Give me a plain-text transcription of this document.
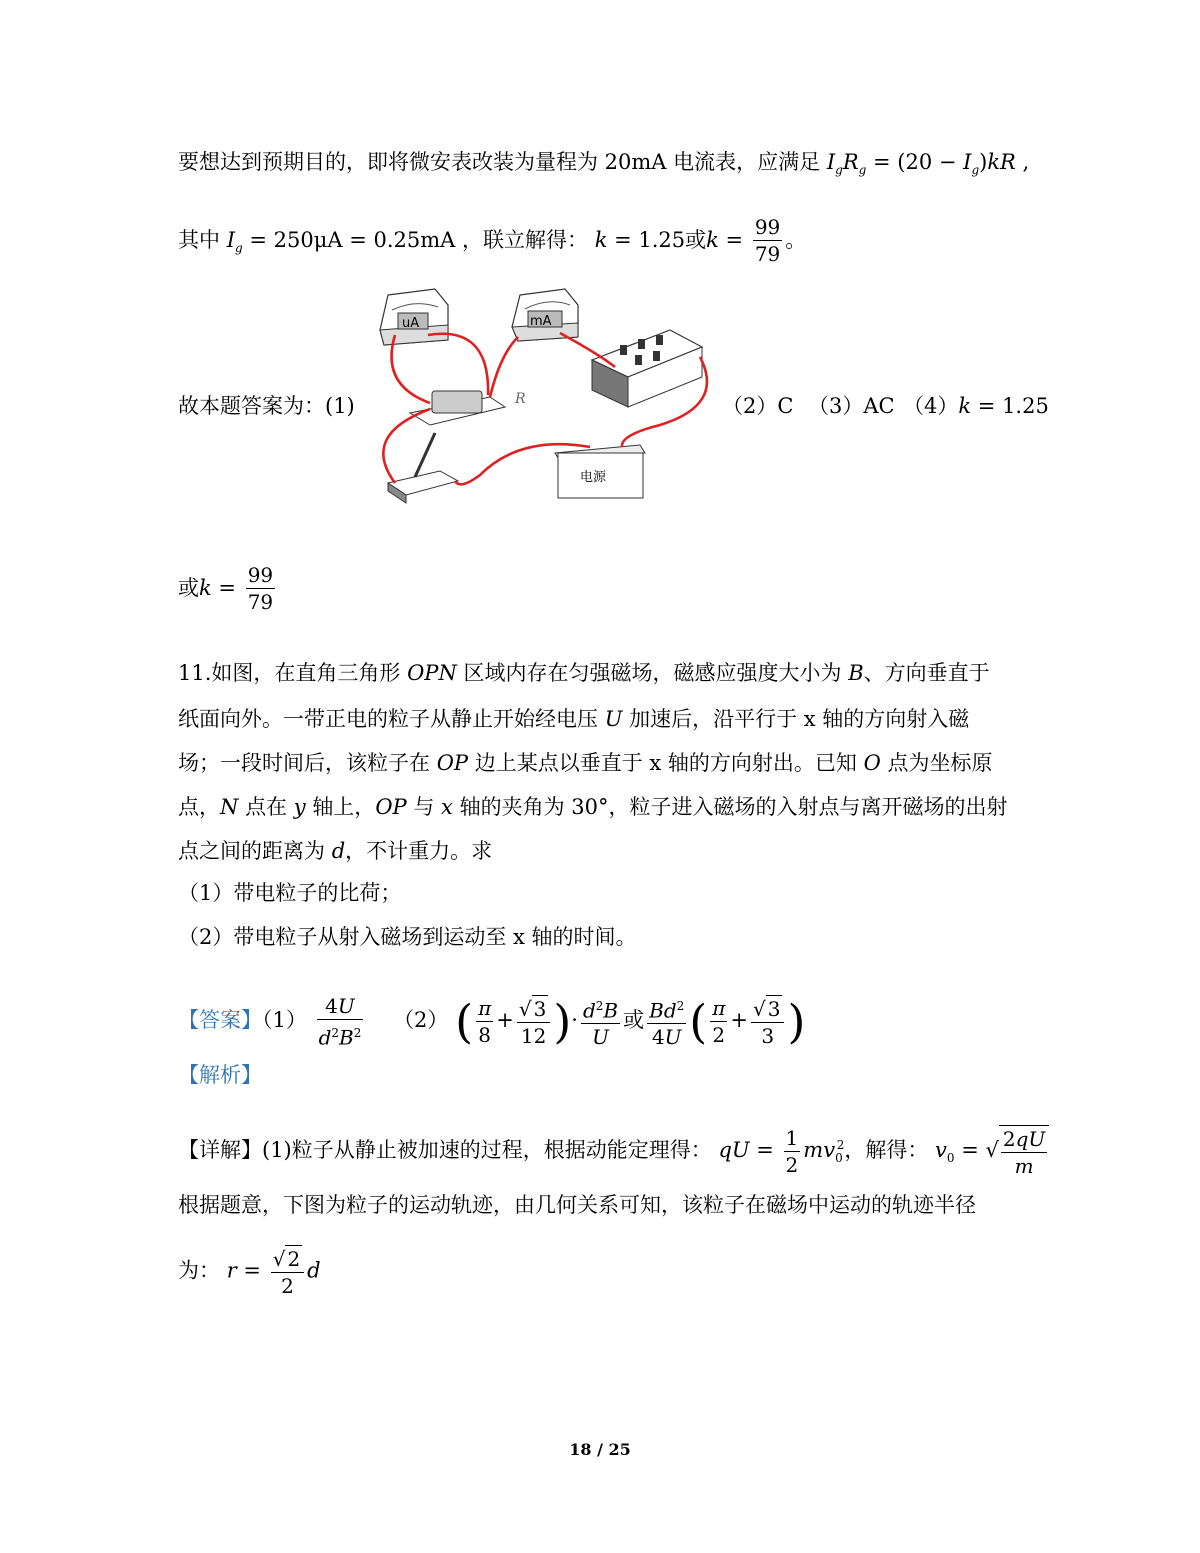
要想达到预期目的，即将微安表改装为量程为 20mA 电流表，应满足 $I_gR_g = (20 - I_g)kR$ ,
其中 $I_g = 250\mu A = 0.25mA$ ，联立解得： k = 1.25或$k = \frac{99}{79}$ 。
故本题答案为：(1)
uA	mA
R
电源
（2）C （3）AC （4）k = 1.25
或$k = \frac{99}{79}$
11.如图，在直角三角形 OPN 区域内存在匀强磁场，磁感应强度大小为 B、方向垂直于
纸面向外。一带正电的粒子从静止开始经电压 U 加速后，沿平行于 x 轴的方向射入磁
场；一段时间后，该粒子在 OP 边上某点以垂直于 x 轴的方向射出。已知 O 点为坐标原
点，N 点在 y 轴上，OP 与 x 轴的夹角为 30°，粒子进入磁场的入射点与离开磁场的出射
点之间的距离为 d，不计重力。求
（1）带电粒子的比荷；
（2）带电粒子从射入磁场到运动至 x 轴的时间。
【答案】$(1) \frac{4U}{d^2B^2} (2)$ ( $\frac{\pi}{8} + \frac{√ 3}{12}$ )· $\frac{d^2B}{U}$ 或 $\frac{Bd^2}{4U}$ ( $\frac{\pi}{2} + \frac{√ 3}{3}$ )
【解析】
【详解】(1)粒子从静止被加速的过程，根据动能定理得： qU = $\frac{1}{2} mv_0^2$，解得： $v_0$ = √ $\frac{2qU}{m}$
根据题意，下图为粒子的运动轨迹，由几何关系可知，该粒子在磁场中运动的轨迹半径
为： $r = \frac{√ 2}{2}$ d
18 / 25
